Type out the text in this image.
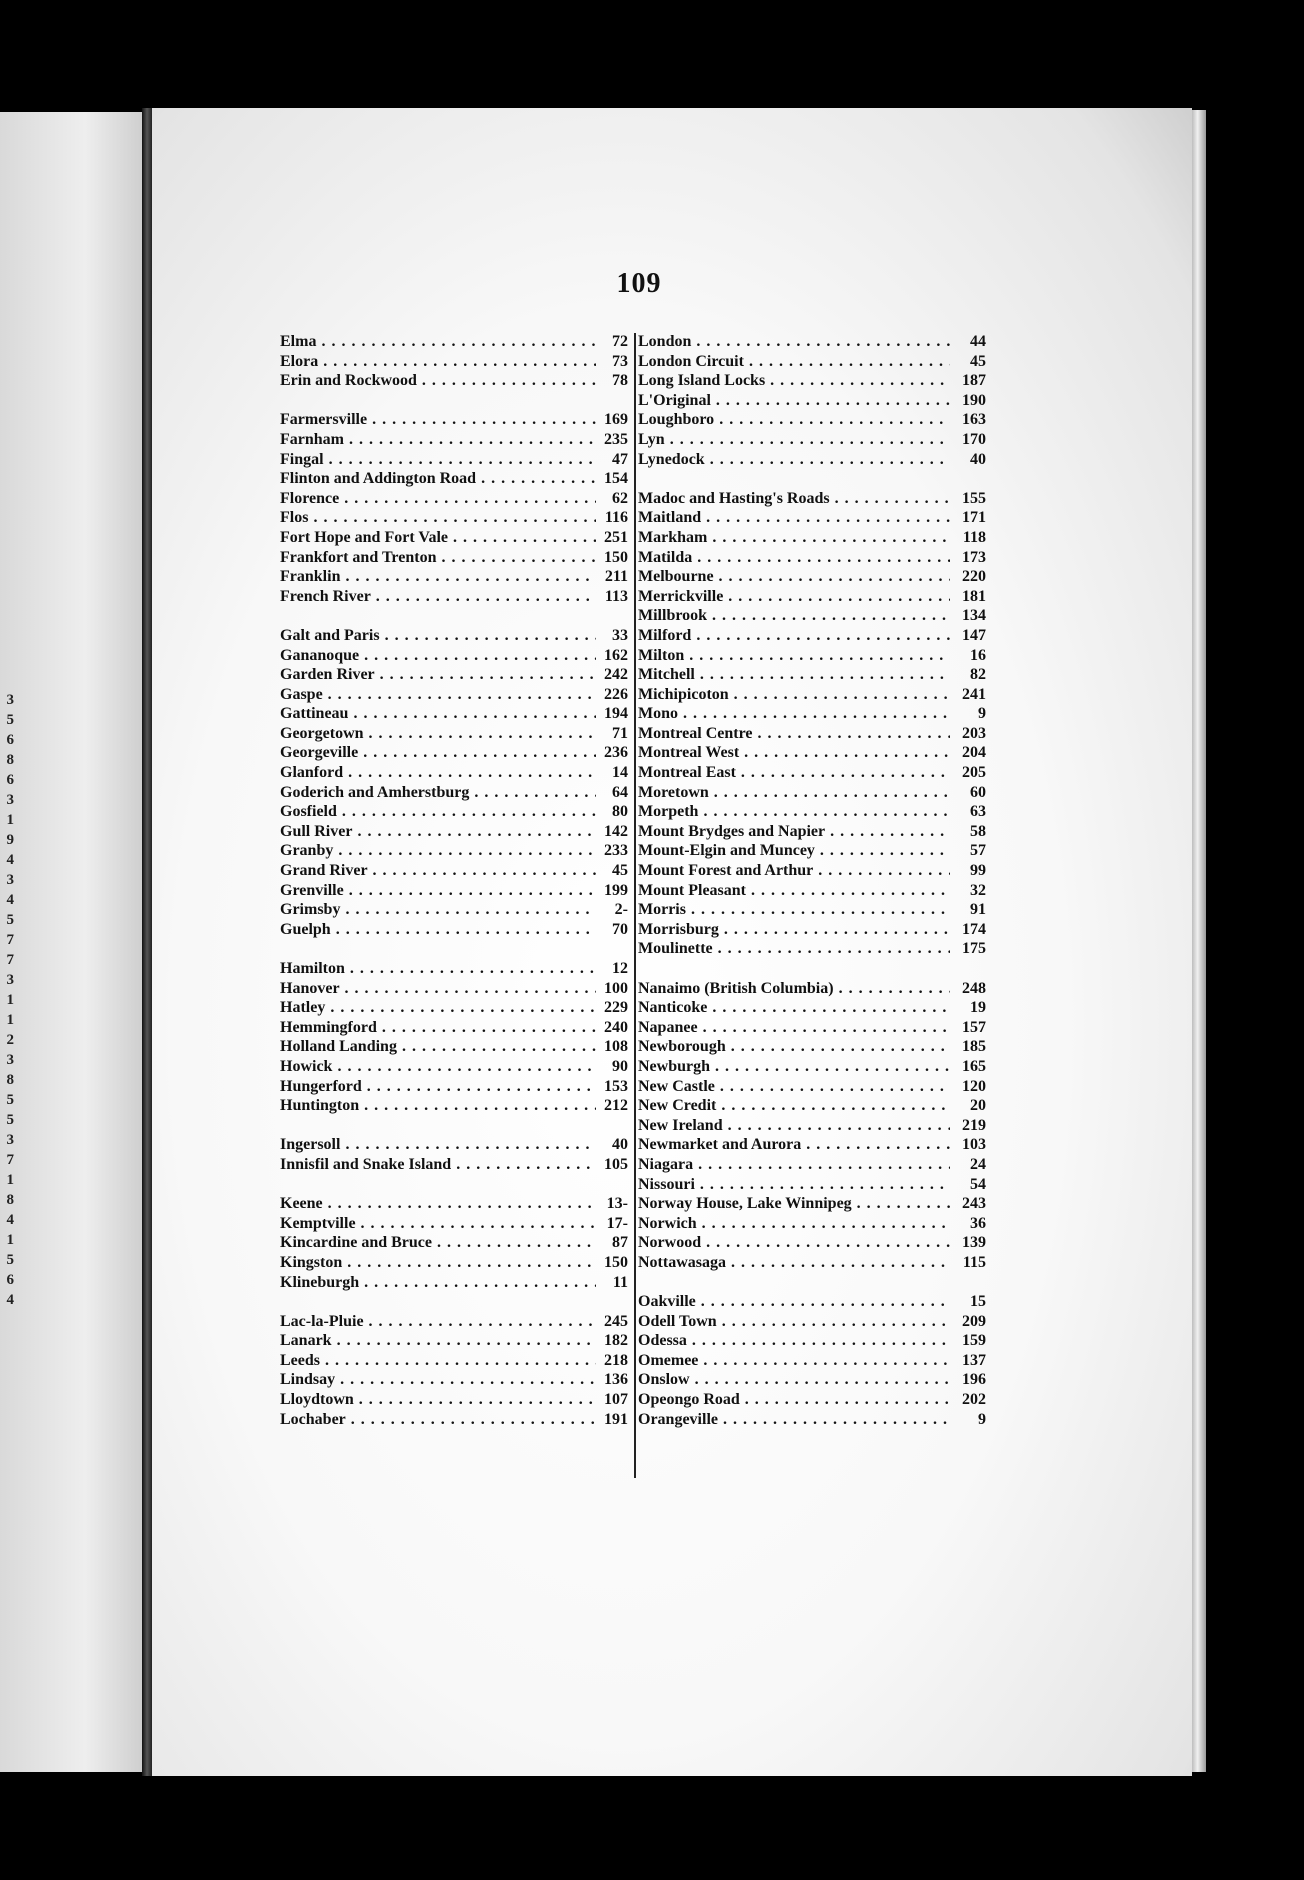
3
5
6
8
6
3
1
9
4
3
4
5
7
7
3
1
1
2
3
8
5
5
3
7
1
8
4
1
5
6
4
109
Elma . . .	72
Elora . . .	73
Erin and Rockwood . . .	78
Farmersville . . .	169
Farnham . . .	235
Fingal . . .	47
Flinton and Addington Road . . .	154
Florence . . .	62
Flos . . .	116
Fort Hope and Fort Vale . . .	251
Frankfort and Trenton . . .	150
Franklin . . .	211
French River . . .	113
Galt and Paris . . .	33
Gananoque . . .	162
Garden River . . .	242
Gaspe . . .	226
Gattineau . . .	194
Georgetown . . .	71
Georgeville . . .	236
Glanford . . .	14
Goderich and Amherstburg . . .	64
Gosfield . . .	80
Gull River . . .	142
Granby . . .	233
Grand River . . .	45
Grenville . . .	199
Grimsby . . .	2-
Guelph . . .	70
Hamilton . . .	12
Hanover . . .	100
Hatley . . .	229
Hemmingford . . .	240
Holland Landing . . .	108
Howick . . .	90
Hungerford . . .	153
Huntington . . .	212
Ingersoll . . .	40
Innisfil and Snake Island . . .	105
Keene . . .	13-
Kemptville . . .	17-
Kincardine and Bruce . . .	87
Kingston . . .	150
Klineburgh . . .	11
Lac-la-Pluie . . .	245
Lanark . . .	182
Leeds . . .	218
Lindsay . . .	136
Lloydtown . . .	107
Lochaber . . .	191
London . . .	44
London Circuit . . .	45
Long Island Locks . . .	187
L'Original . . .	190
Loughboro . . .	163
Lyn . . .	170
Lynedock . . .	40
Madoc and Hasting's Roads . . .	155
Maitland . . .	171
Markham . . .	118
Matilda . . .	173
Melbourne . . .	220
Merrickville . . .	181
Millbrook . . .	134
Milford . . .	147
Milton . . .	16
Mitchell . . .	82
Michipicoton . . .	241
Mono . . .	9
Montreal Centre . . .	203
Montreal West . . .	204
Montreal East . . .	205
Moretown . . .	60
Morpeth . . .	63
Mount Brydges and Napier . . .	58
Mount-Elgin and Muncey . . .	57
Mount Forest and Arthur . . .	99
Mount Pleasant . . .	32
Morris . . .	91
Morrisburg . . .	174
Moulinette . . .	175
Nanaimo (British Columbia) . . .	248
Nanticoke . . .	19
Napanee . . .	157
Newborough . . .	185
Newburgh . . .	165
New Castle . . .	120
New Credit . . .	20
New Ireland . . .	219
Newmarket and Aurora . . .	103
Niagara . . .	24
Nissouri . . .	54
Norway House, Lake Winnipeg . . .	243
Norwich . . .	36
Norwood . . .	139
Nottawasaga . . .	115
Oakville . . .	15
Odell Town . . .	209
Odessa . . .	159
Omemee . . .	137
Onslow . . .	196
Opeongo Road . . .	202
Orangeville . . .	9
